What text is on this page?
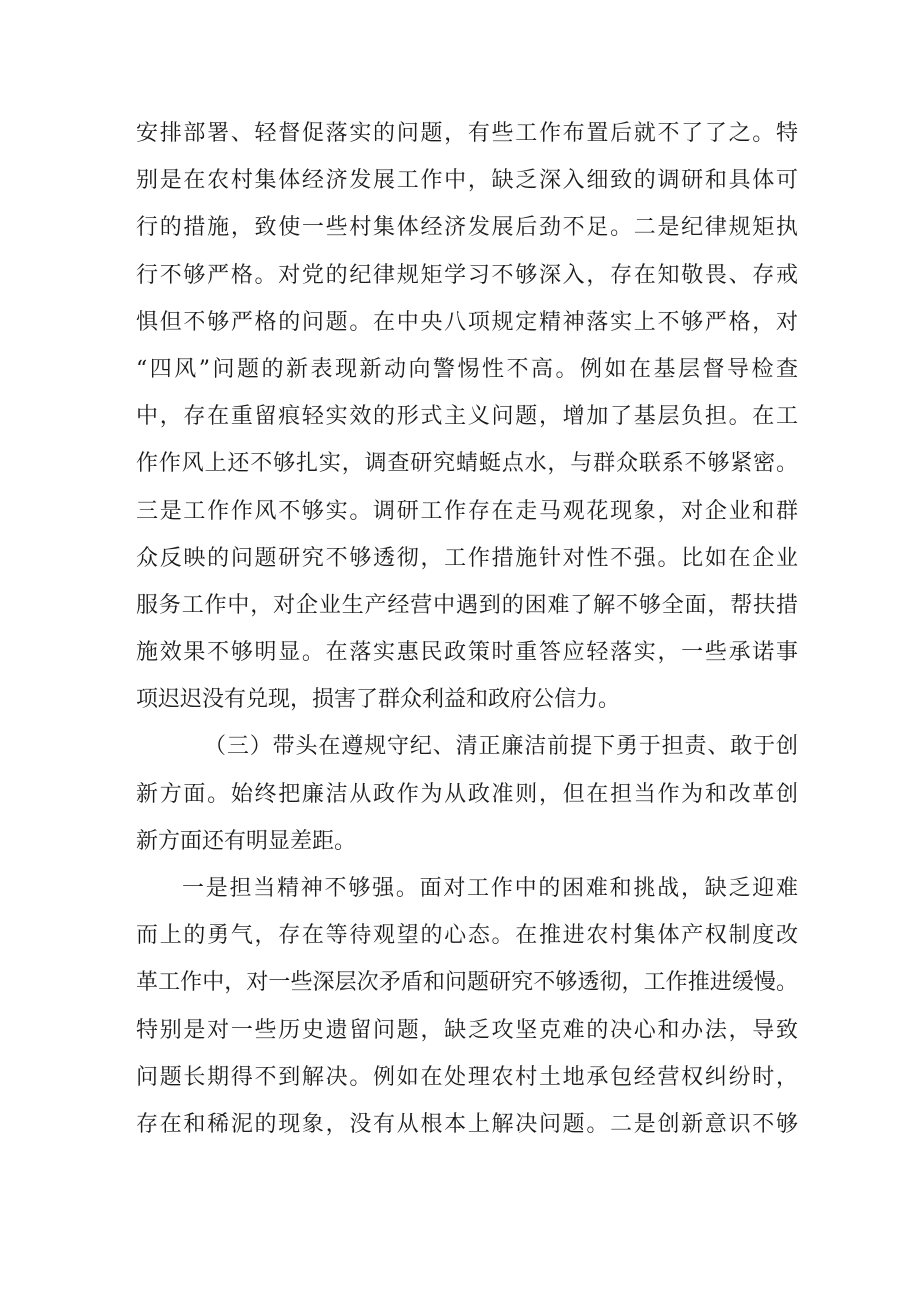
安排部署、轻督促落实的问题，有些工作布置后就不了了之。特
别是在农村集体经济发展工作中，缺乏深入细致的调研和具体可
行的措施，致使一些村集体经济发展后劲不足。二是纪律规矩执
行不够严格。对党的纪律规矩学习不够深入，存在知敬畏、存戒
惧但不够严格的问题。在中央八项规定精神落实上不够严格，对
“四风”问题的新表现新动向警惕性不高。例如在基层督导检查
中，存在重留痕轻实效的形式主义问题，增加了基层负担。在工
作作风上还不够扎实，调查研究蜻蜓点水，与群众联系不够紧密。
三是工作作风不够实。调研工作存在走马观花现象，对企业和群
众反映的问题研究不够透彻，工作措施针对性不强。比如在企业
服务工作中，对企业生产经营中遇到的困难了解不够全面，帮扶措
施效果不够明显。在落实惠民政策时重答应轻落实，一些承诺事
项迟迟没有兑现，损害了群众利益和政府公信力。
（三）带头在遵规守纪、清正廉洁前提下勇于担责、敢于创
新方面。始终把廉洁从政作为从政准则，但在担当作为和改革创
新方面还有明显差距。
一是担当精神不够强。面对工作中的困难和挑战，缺乏迎难
而上的勇气，存在等待观望的心态。在推进农村集体产权制度改
革工作中，对一些深层次矛盾和问题研究不够透彻，工作推进缓慢。
特别是对一些历史遗留问题，缺乏攻坚克难的决心和办法，导致
问题长期得不到解决。例如在处理农村土地承包经营权纠纷时，
存在和稀泥的现象，没有从根本上解决问题。二是创新意识不够
